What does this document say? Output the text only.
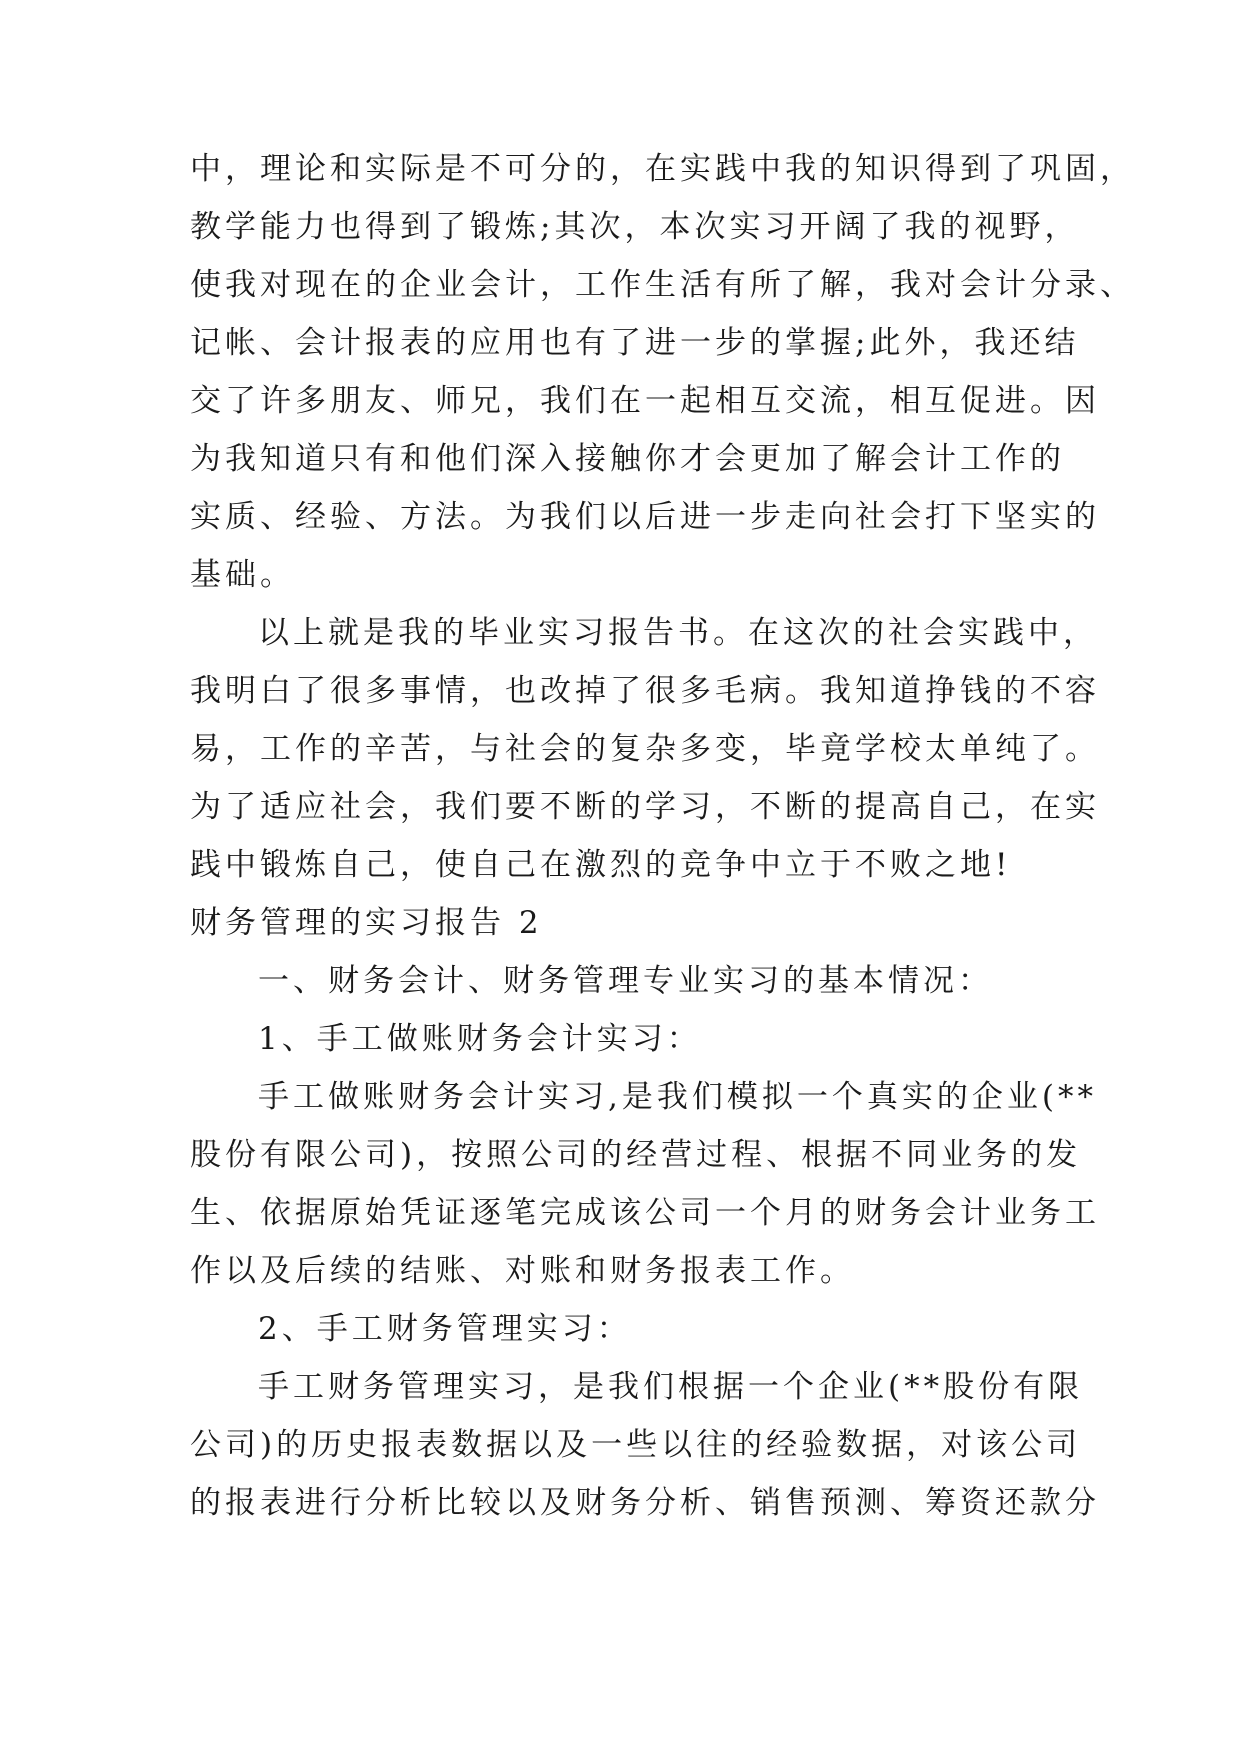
中，理论和实际是不可分的，在实践中我的知识得到了巩固，
教学能力也得到了锻炼;其次，本次实习开阔了我的视野，
使我对现在的企业会计，工作生活有所了解，我对会计分录、
记帐、会计报表的应用也有了进一步的掌握;此外，我还结
交了许多朋友、师兄，我们在一起相互交流，相互促进。因
为我知道只有和他们深入接触你才会更加了解会计工作的
实质、经验、方法。为我们以后进一步走向社会打下坚实的
基础。
以上就是我的毕业实习报告书。在这次的社会实践中，
我明白了很多事情，也改掉了很多毛病。我知道挣钱的不容
易，工作的辛苦，与社会的复杂多变，毕竟学校太单纯了。
为了适应社会，我们要不断的学习，不断的提高自己，在实
践中锻炼自己，使自己在激烈的竞争中立于不败之地!
财务管理的实习报告 2
一、财务会计、财务管理专业实习的基本情况：
1、手工做账财务会计实习：
手工做账财务会计实习,是我们模拟一个真实的企业(**
股份有限公司)，按照公司的经营过程、根据不同业务的发
生、依据原始凭证逐笔完成该公司一个月的财务会计业务工
作以及后续的结账、对账和财务报表工作。
2、手工财务管理实习：
手工财务管理实习，是我们根据一个企业(**股份有限
公司)的历史报表数据以及一些以往的经验数据，对该公司
的报表进行分析比较以及财务分析、销售预测、筹资还款分
